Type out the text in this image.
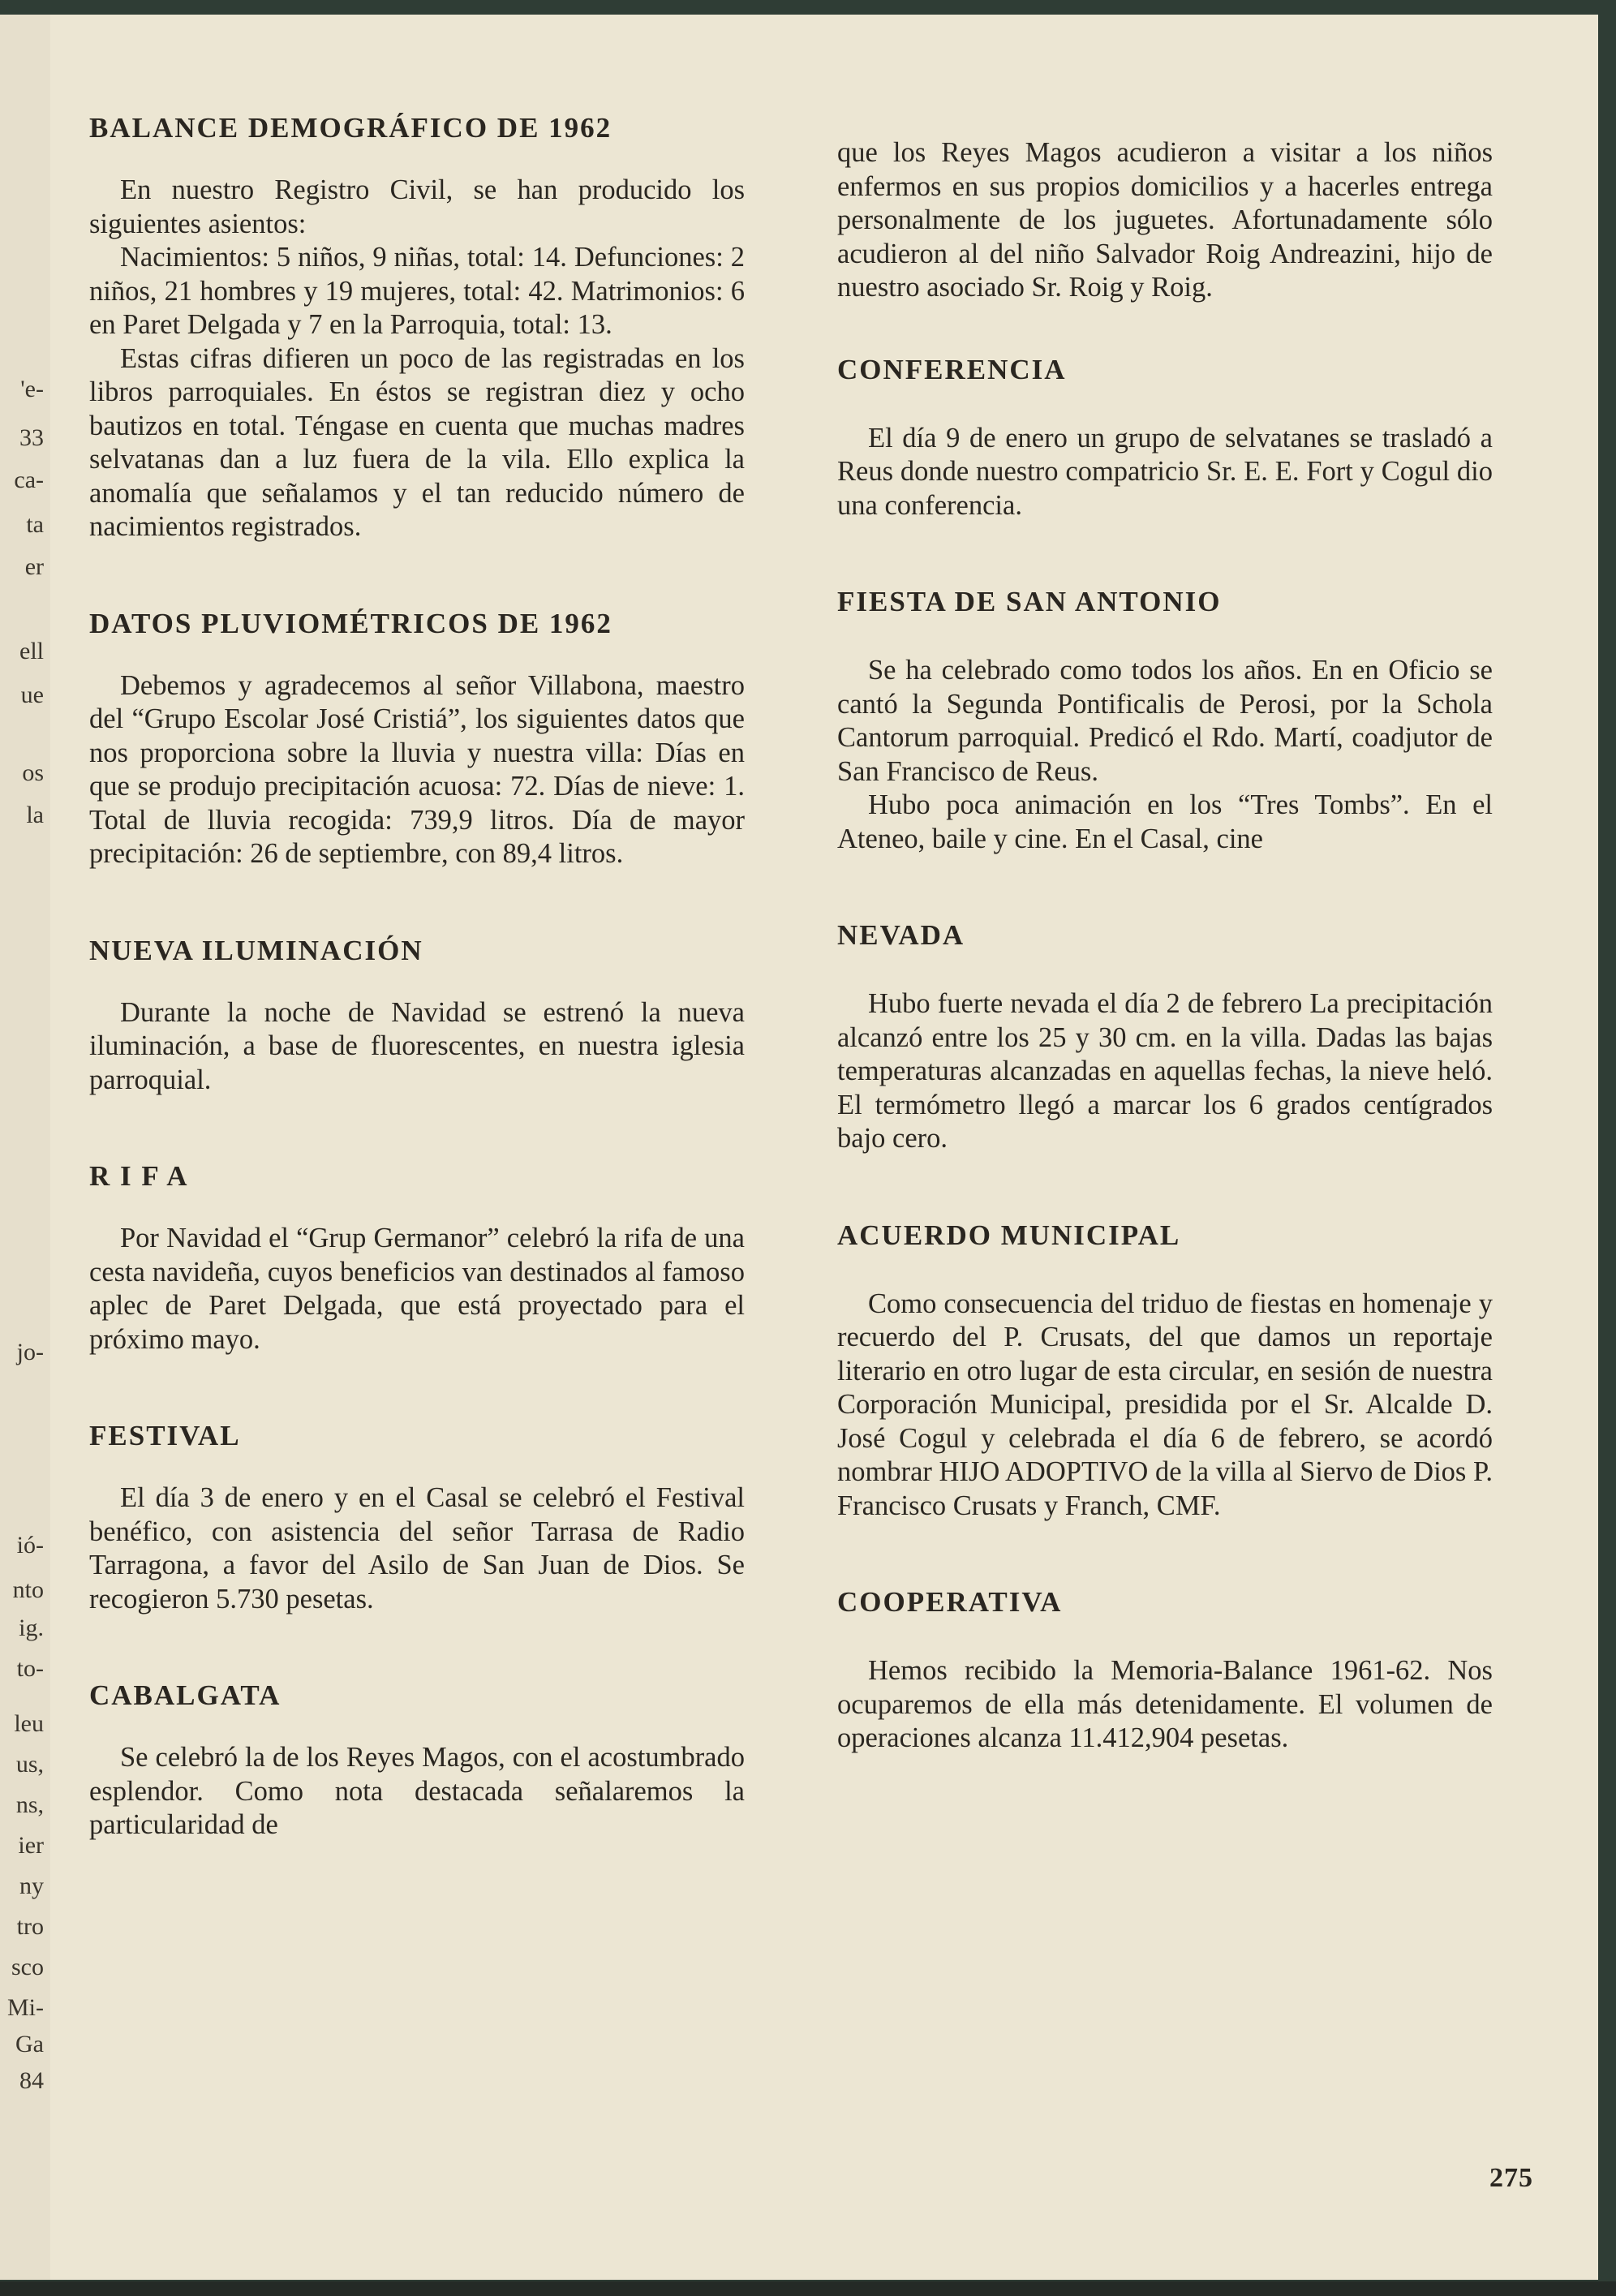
'e-
33
ca-
ta
er
ell
ue
os
la
jo-
ió-
nto
ig.
to-
leu
us,
ns,
ier
ny
tro
sco
Mi-
Ga
84
BALANCE DEMOGRÁFICO DE 1962

En nuestro Registro Civil, se han producido los siguientes asientos:

Nacimientos: 5 niños, 9 niñas, total: 14. Defunciones: 2 niños, 21 hombres y 19 mujeres, total: 42. Matrimonios: 6 en Paret Delgada y 7 en la Parroquia, total: 13.

Estas cifras difieren un poco de las registradas en los libros parroquiales. En éstos se registran diez y ocho bautizos en total. Téngase en cuenta que muchas madres selvatanas dan a luz fuera de la vila. Ello explica la anomalía que señalamos y el tan reducido número de nacimientos registrados.

DATOS PLUVIOMÉTRICOS DE 1962

Debemos y agradecemos al señor Villabona, maestro del “Grupo Escolar José Cristiá”, los siguientes datos que nos proporciona sobre la lluvia y nuestra villa: Días en que se produjo precipitación acuosa: 72. Días de nieve: 1. Total de lluvia recogida: 739,9 litros. Día de mayor precipitación: 26 de septiembre, con 89,4 litros.

NUEVA ILUMINACIÓN

Durante la noche de Navidad se estrenó la nueva iluminación, a base de fluorescentes, en nuestra iglesia parroquial.

R I F A

Por Navidad el “Grup Germanor” celebró la rifa de una cesta navideña, cuyos beneficios van destinados al famoso aplec de Paret Delgada, que está proyectado para el próximo mayo.

FESTIVAL

El día 3 de enero y en el Casal se celebró el Festival benéfico, con asistencia del señor Tarrasa de Radio Tarragona, a favor del Asilo de San Juan de Dios. Se recogieron 5.730 pesetas.

CABALGATA

Se celebró la de los Reyes Magos, con el acostumbrado esplendor. Como nota destacada señalaremos la particularidad de

que los Reyes Magos acudieron a visitar a los niños enfermos en sus propios domicilios y a hacerles entrega personalmente de los juguetes. Afortunadamente sólo acudieron al del niño Salvador Roig Andreazini, hijo de nuestro asociado Sr. Roig y Roig.

CONFERENCIA

El día 9 de enero un grupo de selvatanes se trasladó a Reus donde nuestro compatricio Sr. E. E. Fort y Cogul dio una conferencia.

FIESTA DE SAN ANTONIO

Se ha celebrado como todos los años. En en Oficio se cantó la Segunda Pontificalis de Perosi, por la Schola Cantorum parroquial. Predicó el Rdo. Martí, coadjutor de San Francisco de Reus.

Hubo poca animación en los “Tres Tombs”. En el Ateneo, baile y cine. En el Casal, cine

NEVADA

Hubo fuerte nevada el día 2 de febrero La precipitación alcanzó entre los 25 y 30 cm. en la villa. Dadas las bajas temperaturas alcanzadas en aquellas fechas, la nieve heló. El termómetro llegó a marcar los 6 grados centígrados bajo cero.

ACUERDO MUNICIPAL

Como consecuencia del triduo de fiestas en homenaje y recuerdo del P. Crusats, del que damos un reportaje literario en otro lugar de esta circular, en sesión de nuestra Corporación Municipal, presidida por el Sr. Alcalde D. José Cogul y celebrada el día 6 de febrero, se acordó nombrar HIJO ADOPTIVO de la villa al Siervo de Dios P. Francisco Crusats y Franch, CMF.

COOPERATIVA

Hemos recibido la Memoria-Balance 1961-62. Nos ocuparemos de ella más detenidamente. El volumen de operaciones alcanza 11.412,904 pesetas.

275
